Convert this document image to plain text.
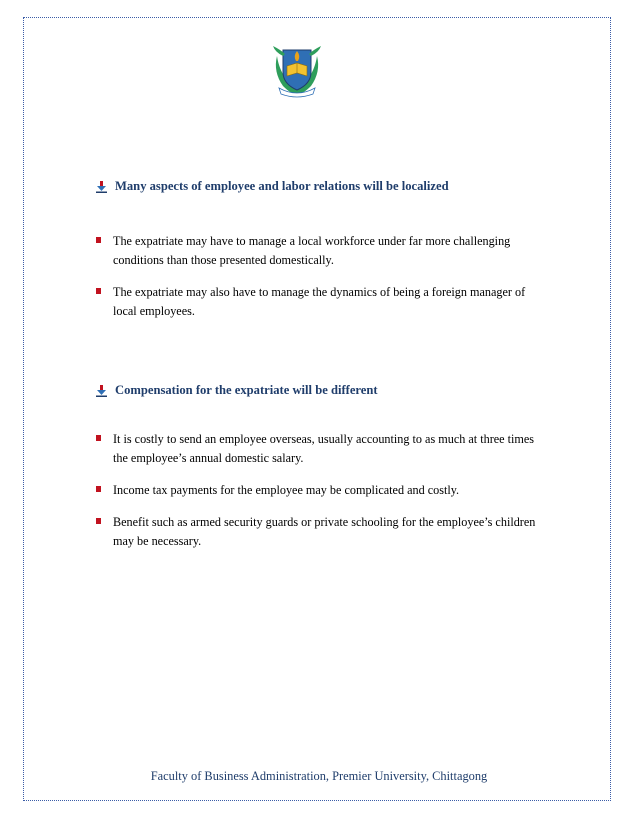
Many aspects of employee and labor relations will be localized
The expatriate may have to manage a local workforce under far more challenging conditions than those presented domestically.
The expatriate may also have to manage the dynamics of being a foreign manager of local employees.
Compensation for the expatriate will be different
It is costly to send an employee overseas, usually accounting to as much at three times the employee’s annual domestic salary.
Income tax payments for the employee may be complicated and costly.
Benefit such as armed security guards or private schooling for the employee’s children may be necessary.
Faculty of Business Administration, Premier University, Chittagong
